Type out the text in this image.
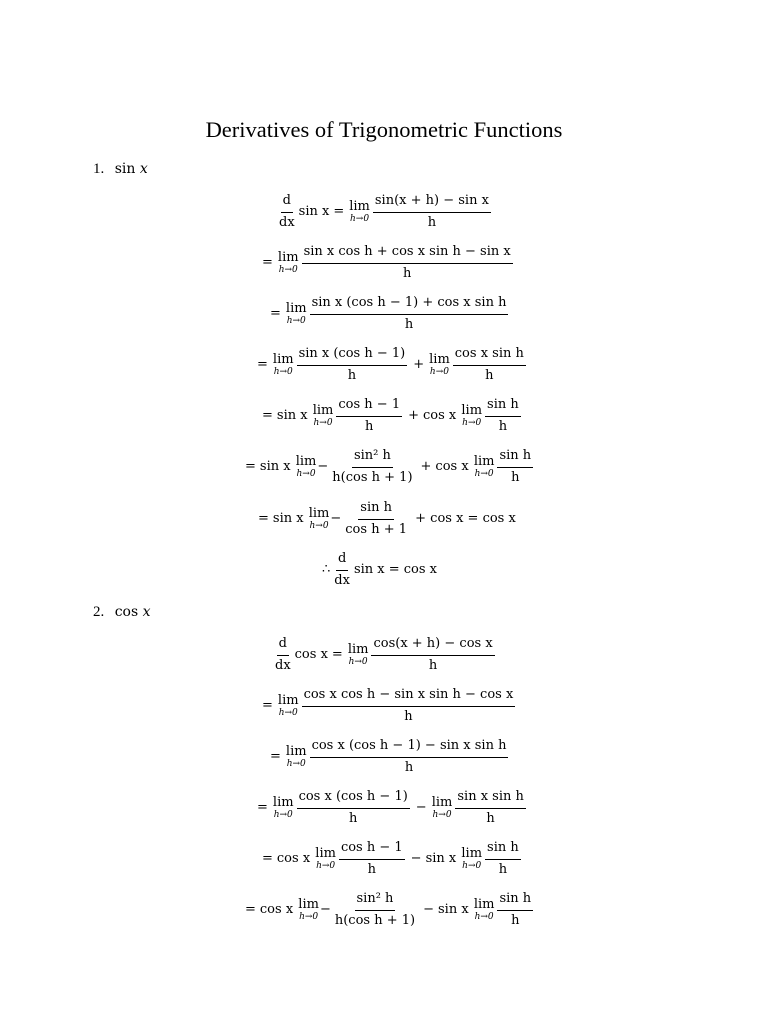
Derivatives of Trigonometric Functions
1. sin x
$\frac{d}{dx}$ sin x = lim
$h\to 0 \frac{\text{sin(x + h) − sin x}}{h}$
= lim
$h\to 0 \frac{\text{sin x cos h + cos x sin h − sin x}}{h}$
= lim
$h\to 0 \frac{\text{sin x (cos h − 1) + cos x sin h}}{h}$
= lim
$h\to 0 \frac{\text{sin x (cos h − 1)}}{h} + \lim$
$h\to 0 \frac{\text{cos x sin h}}{h}$
= sin x lim
$h\to 0 \frac{\text{cos h − 1}}{h} + \cos x$ lim
$h\to 0 \frac{\text{sin h}}{h}$
= sin x lim
$h\to 0 - \frac{\text{sin² h}}{\text{h(cos h + 1)}} + \cos x$ lim
$h\to 0 \frac{\text{sin h}}{h}$
= sin x lim
$h\to 0 - \frac{\text{sin h}}{\text{cos h + 1}} + \cos x = \cos x$
∴ $\frac{d}{dx}$ sin x = cos x
2. cos x
$\frac{d}{dx}$ cos x = lim
$h\to 0 \frac{\text{cos(x + h) − cos x}}{h}$
= lim
$h\to 0 \frac{\text{cos x cos h − sin x sin h − cos x}}{h}$
= lim
$h\to 0 \frac{\text{cos x (cos h − 1) − sin x sin h}}{h}$
= lim
$h\to 0 \frac{\text{cos x (cos h − 1)}}{h} - \lim$
$h\to 0 \frac{\text{sin x sin h}}{h}$
= cos x lim
$h\to 0 \frac{\text{cos h − 1}}{h} - \sin x$ lim
$h\to 0 \frac{\text{sin h}}{h}$
= cos x lim
$h\to 0 - \frac{\text{sin² h}}{\text{h(cos h + 1)}} - \sin x$ lim
$h\to 0 \frac{\text{sin h}}{h}$
